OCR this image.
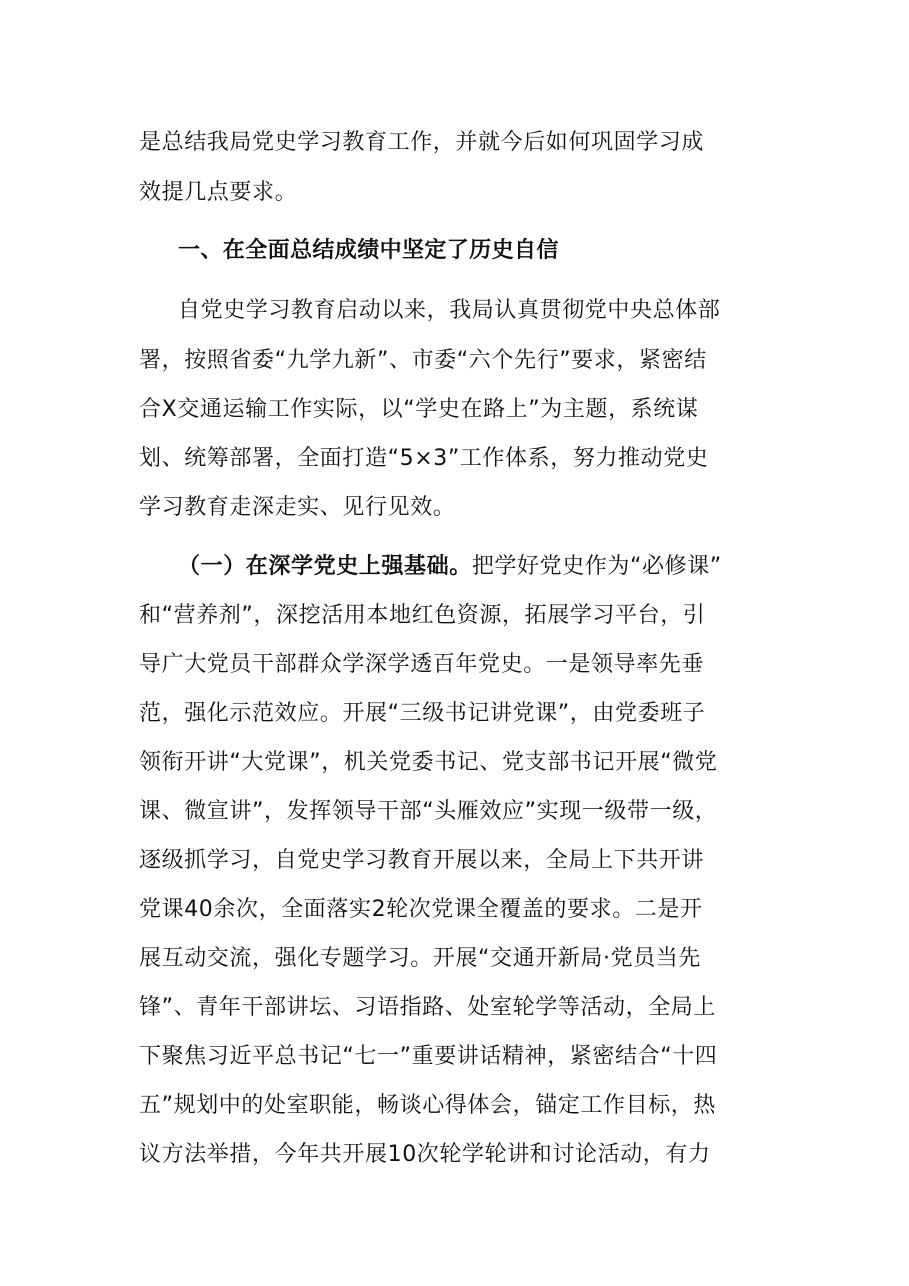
是总结我局党史学习教育工作，并就今后如何巩固学习成
效提几点要求。
一、在全面总结成绩中坚定了历史自信
自党史学习教育启动以来，我局认真贯彻党中央总体部
署，按照省委“九学九新”、市委“六个先行”要求，紧密结
合X交通运输工作实际，以“学史在路上”为主题，系统谋
划、统筹部署，全面打造“5×3”工作体系，努力推动党史
学习教育走深走实、见行见效。
（一）在深学党史上强基础。把学好党史作为“必修课”
和“营养剂”，深挖活用本地红色资源，拓展学习平台，引
导广大党员干部群众学深学透百年党史。一是领导率先垂
范，强化示范效应。开展“三级书记讲党课”，由党委班子
领衔开讲“大党课”，机关党委书记、党支部书记开展“微党
课、微宣讲”，发挥领导干部“头雁效应”实现一级带一级，
逐级抓学习，自党史学习教育开展以来，全局上下共开讲
党课40余次，全面落实2轮次党课全覆盖的要求。二是开
展互动交流，强化专题学习。开展“交通开新局·党员当先
锋”、青年干部讲坛、习语指路、处室轮学等活动，全局上
下聚焦习近平总书记“七一”重要讲话精神，紧密结合“十四
五”规划中的处室职能，畅谈心得体会，锚定工作目标，热
议方法举措，今年共开展10次轮学轮讲和讨论活动，有力
